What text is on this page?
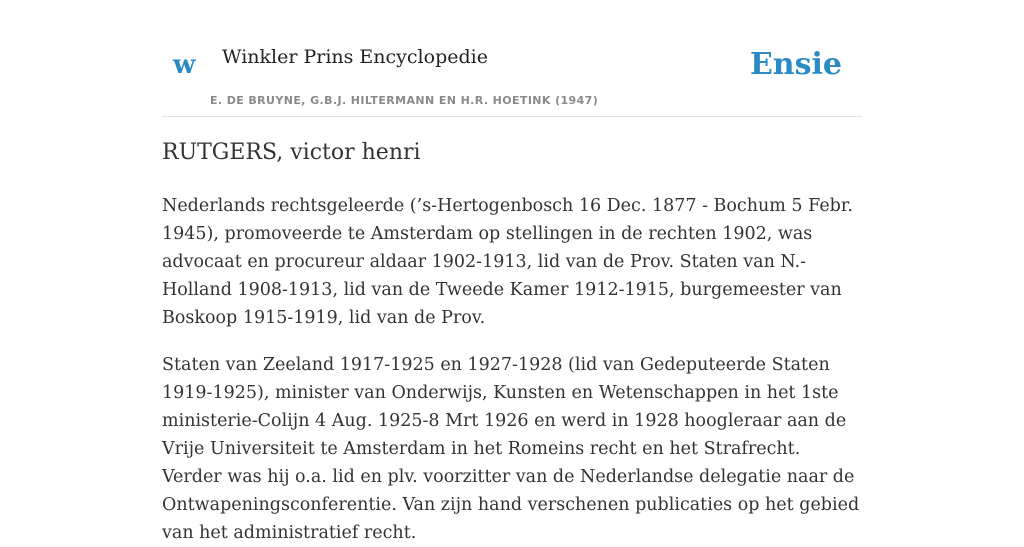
w Winkler Prins Encyclopedie
E. DE BRUYNE, G.B.J. HILTERMANN EN H.R. HOETINK (1947)
Ensie
RUTGERS, victor henri

Nederlands rechtsgeleerde (’s-Hertogenbosch 16 Dec. 1877 - Bochum 5 Febr. 1945), promoveerde te Amsterdam op stellingen in de rechten 1902, was advocaat en procureur aldaar 1902-1913, lid van de Prov. Staten van N.-Holland 1908-1913, lid van de Tweede Kamer 1912-1915, burgemeester van Boskoop 1915-1919, lid van de Prov.

Staten van Zeeland 1917-1925 en 1927-1928 (lid van Gedeputeerde Staten 1919-1925), minister van Onderwijs, Kunsten en Wetenschappen in het 1ste ministerie-Colijn 4 Aug. 1925-8 Mrt 1926 en werd in 1928 hoogleraar aan de Vrije Universiteit te Amsterdam in het Romeins recht en het Strafrecht. Verder was hij o.a. lid en plv. voorzitter van de Nederlandse delegatie naar de Ontwapeningsconferentie. Van zijn hand verschenen publicaties op het gebied van het administratief recht.
